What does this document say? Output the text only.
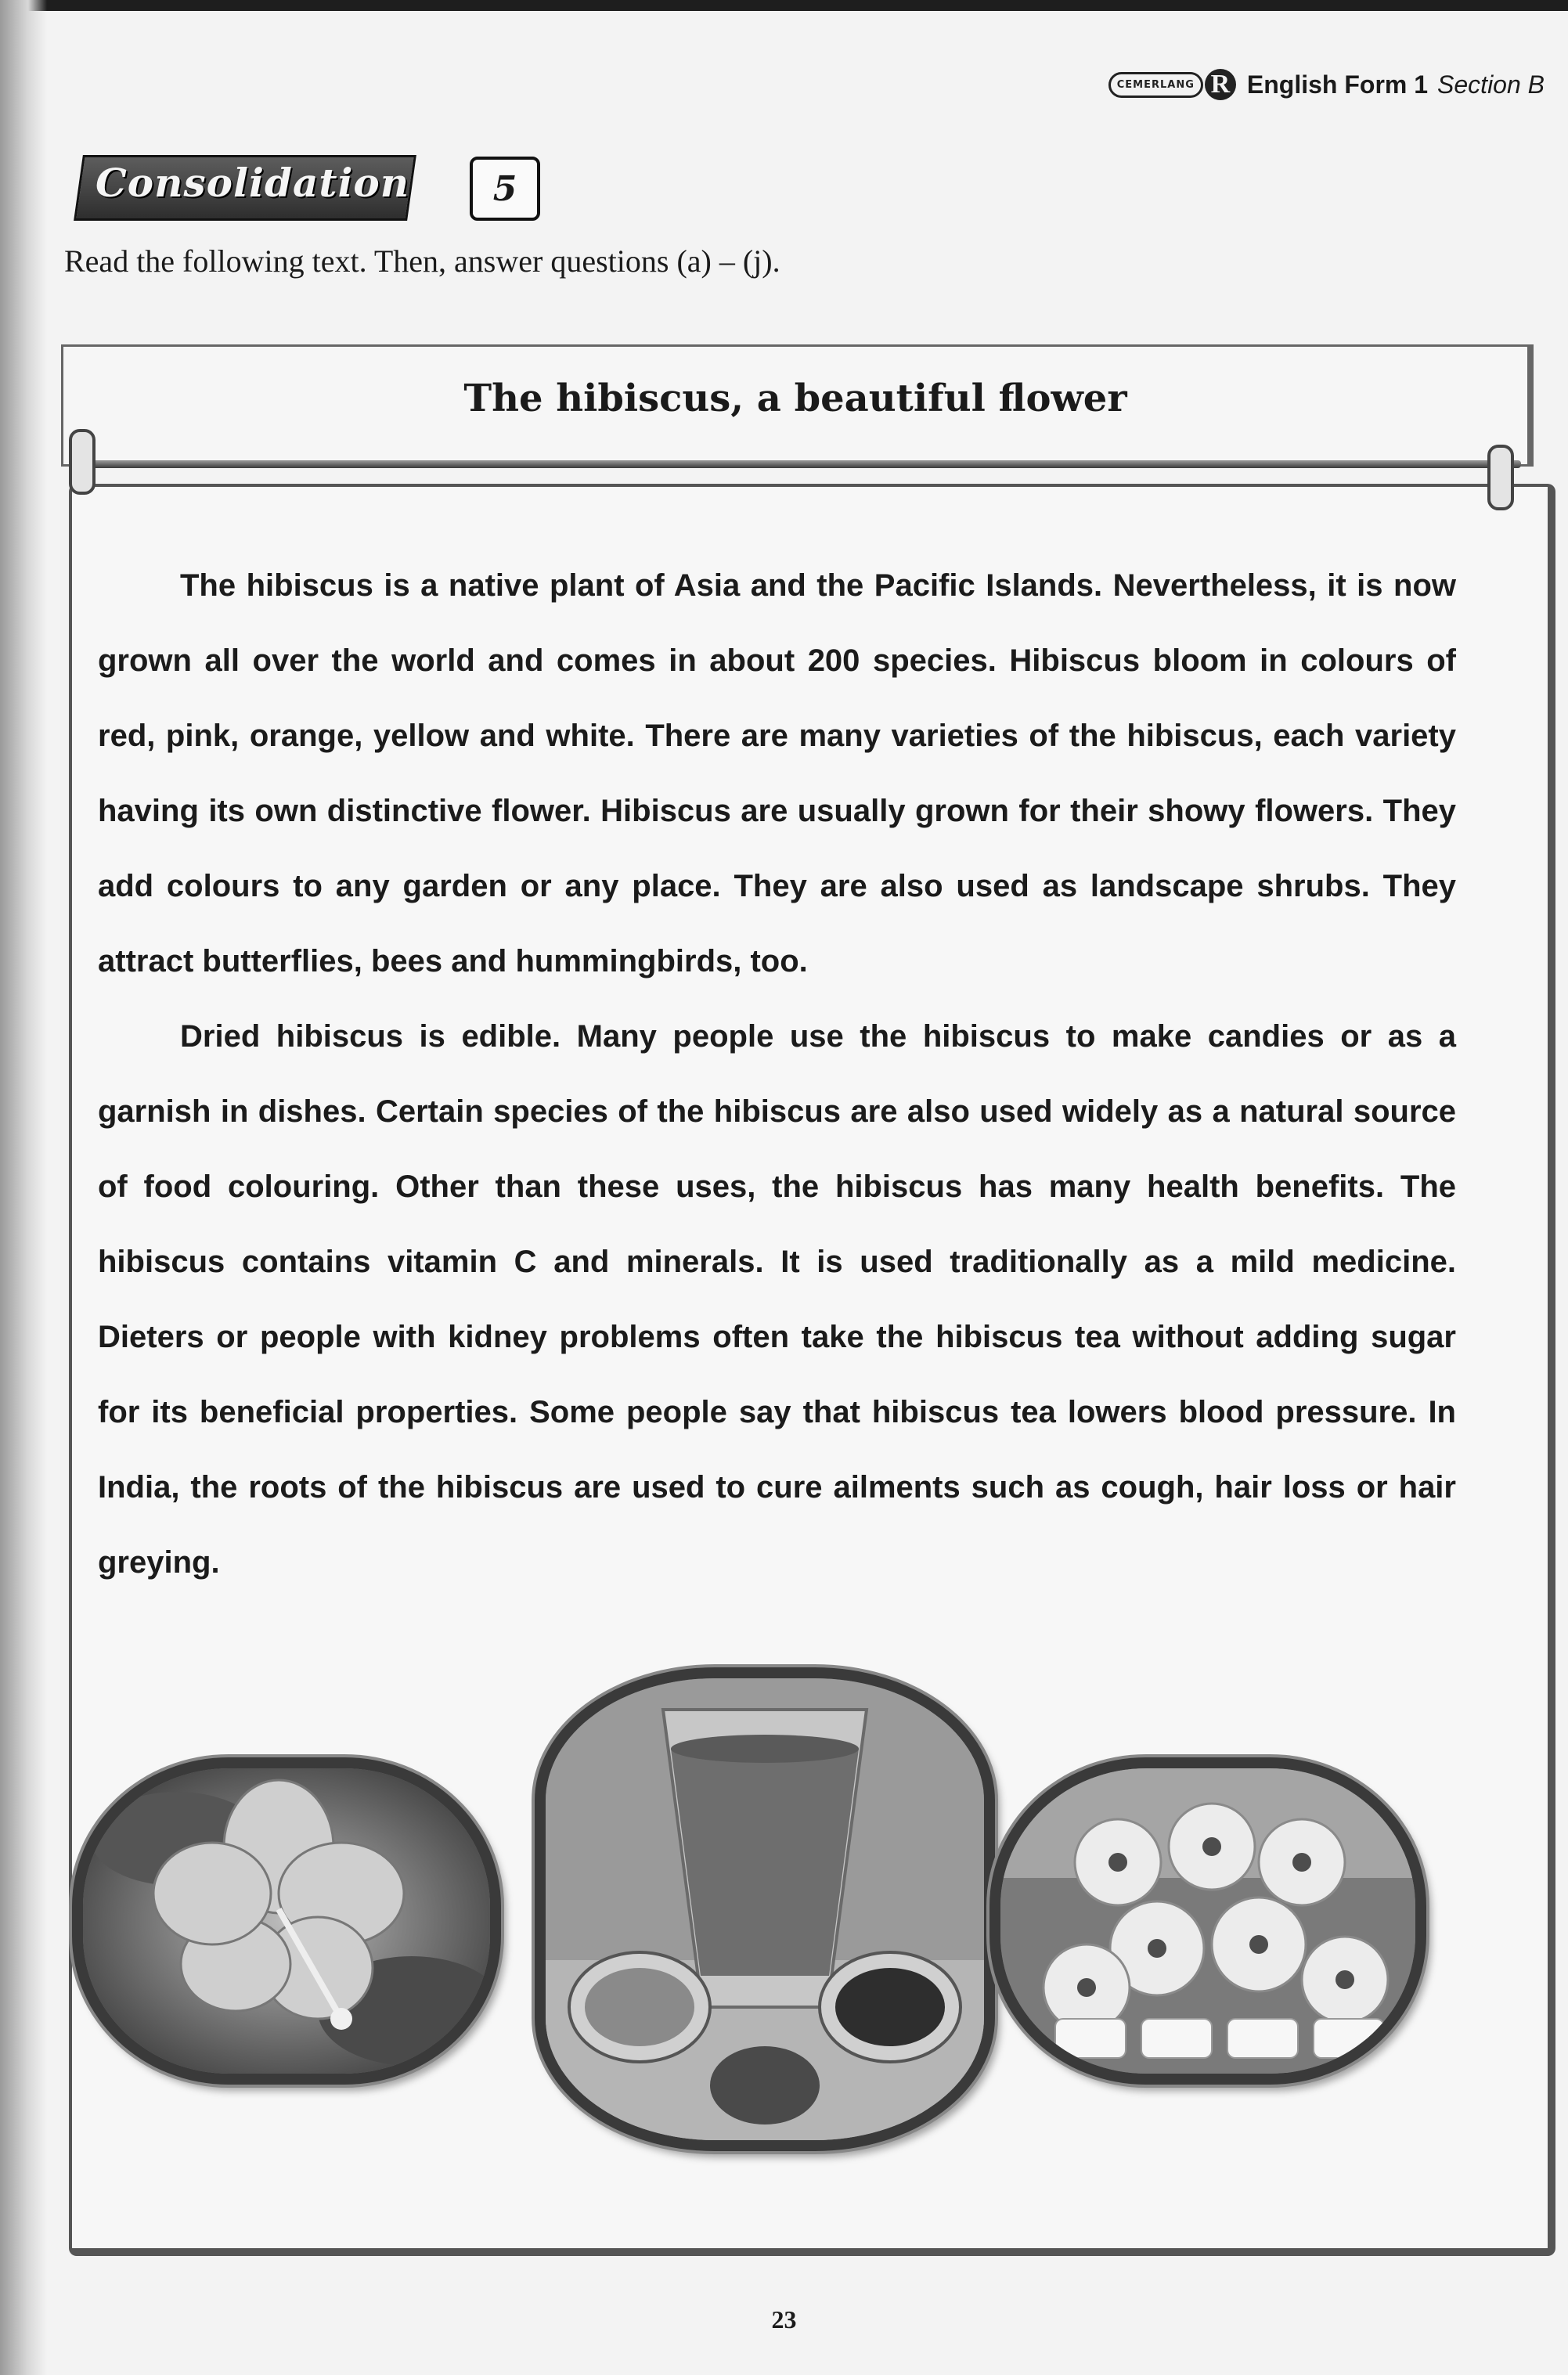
CEMERLANG R English Form 1 Section B
Consolidation	5
Read the following text. Then, answer questions (a) – (j).
The hibiscus, a beautiful flower

The hibiscus is a native plant of Asia and the Pacific Islands. Nevertheless, it is now grown all over the world and comes in about 200 species. Hibiscus bloom in colours of red, pink, orange, yellow and white. There are many varieties of the hibiscus, each variety having its own distinctive flower. Hibiscus are usually grown for their showy flowers. They add colours to any garden or any place. They are also used as landscape shrubs. They attract butterflies, bees and hummingbirds, too.

Dried hibiscus is edible. Many people use the hibiscus to make candies or as a garnish in dishes. Certain species of the hibiscus are also used widely as a natural source of food colouring. Other than these uses, the hibiscus has many health benefits. The hibiscus contains vitamin C and minerals. It is used traditionally as a mild medicine. Dieters or people with kidney problems often take the hibiscus tea without adding sugar for its beneficial properties. Some people say that hibiscus tea lowers blood pressure. In India, the roots of the hibiscus are used to cure ailments such as cough, hair loss or hair greying.

23
